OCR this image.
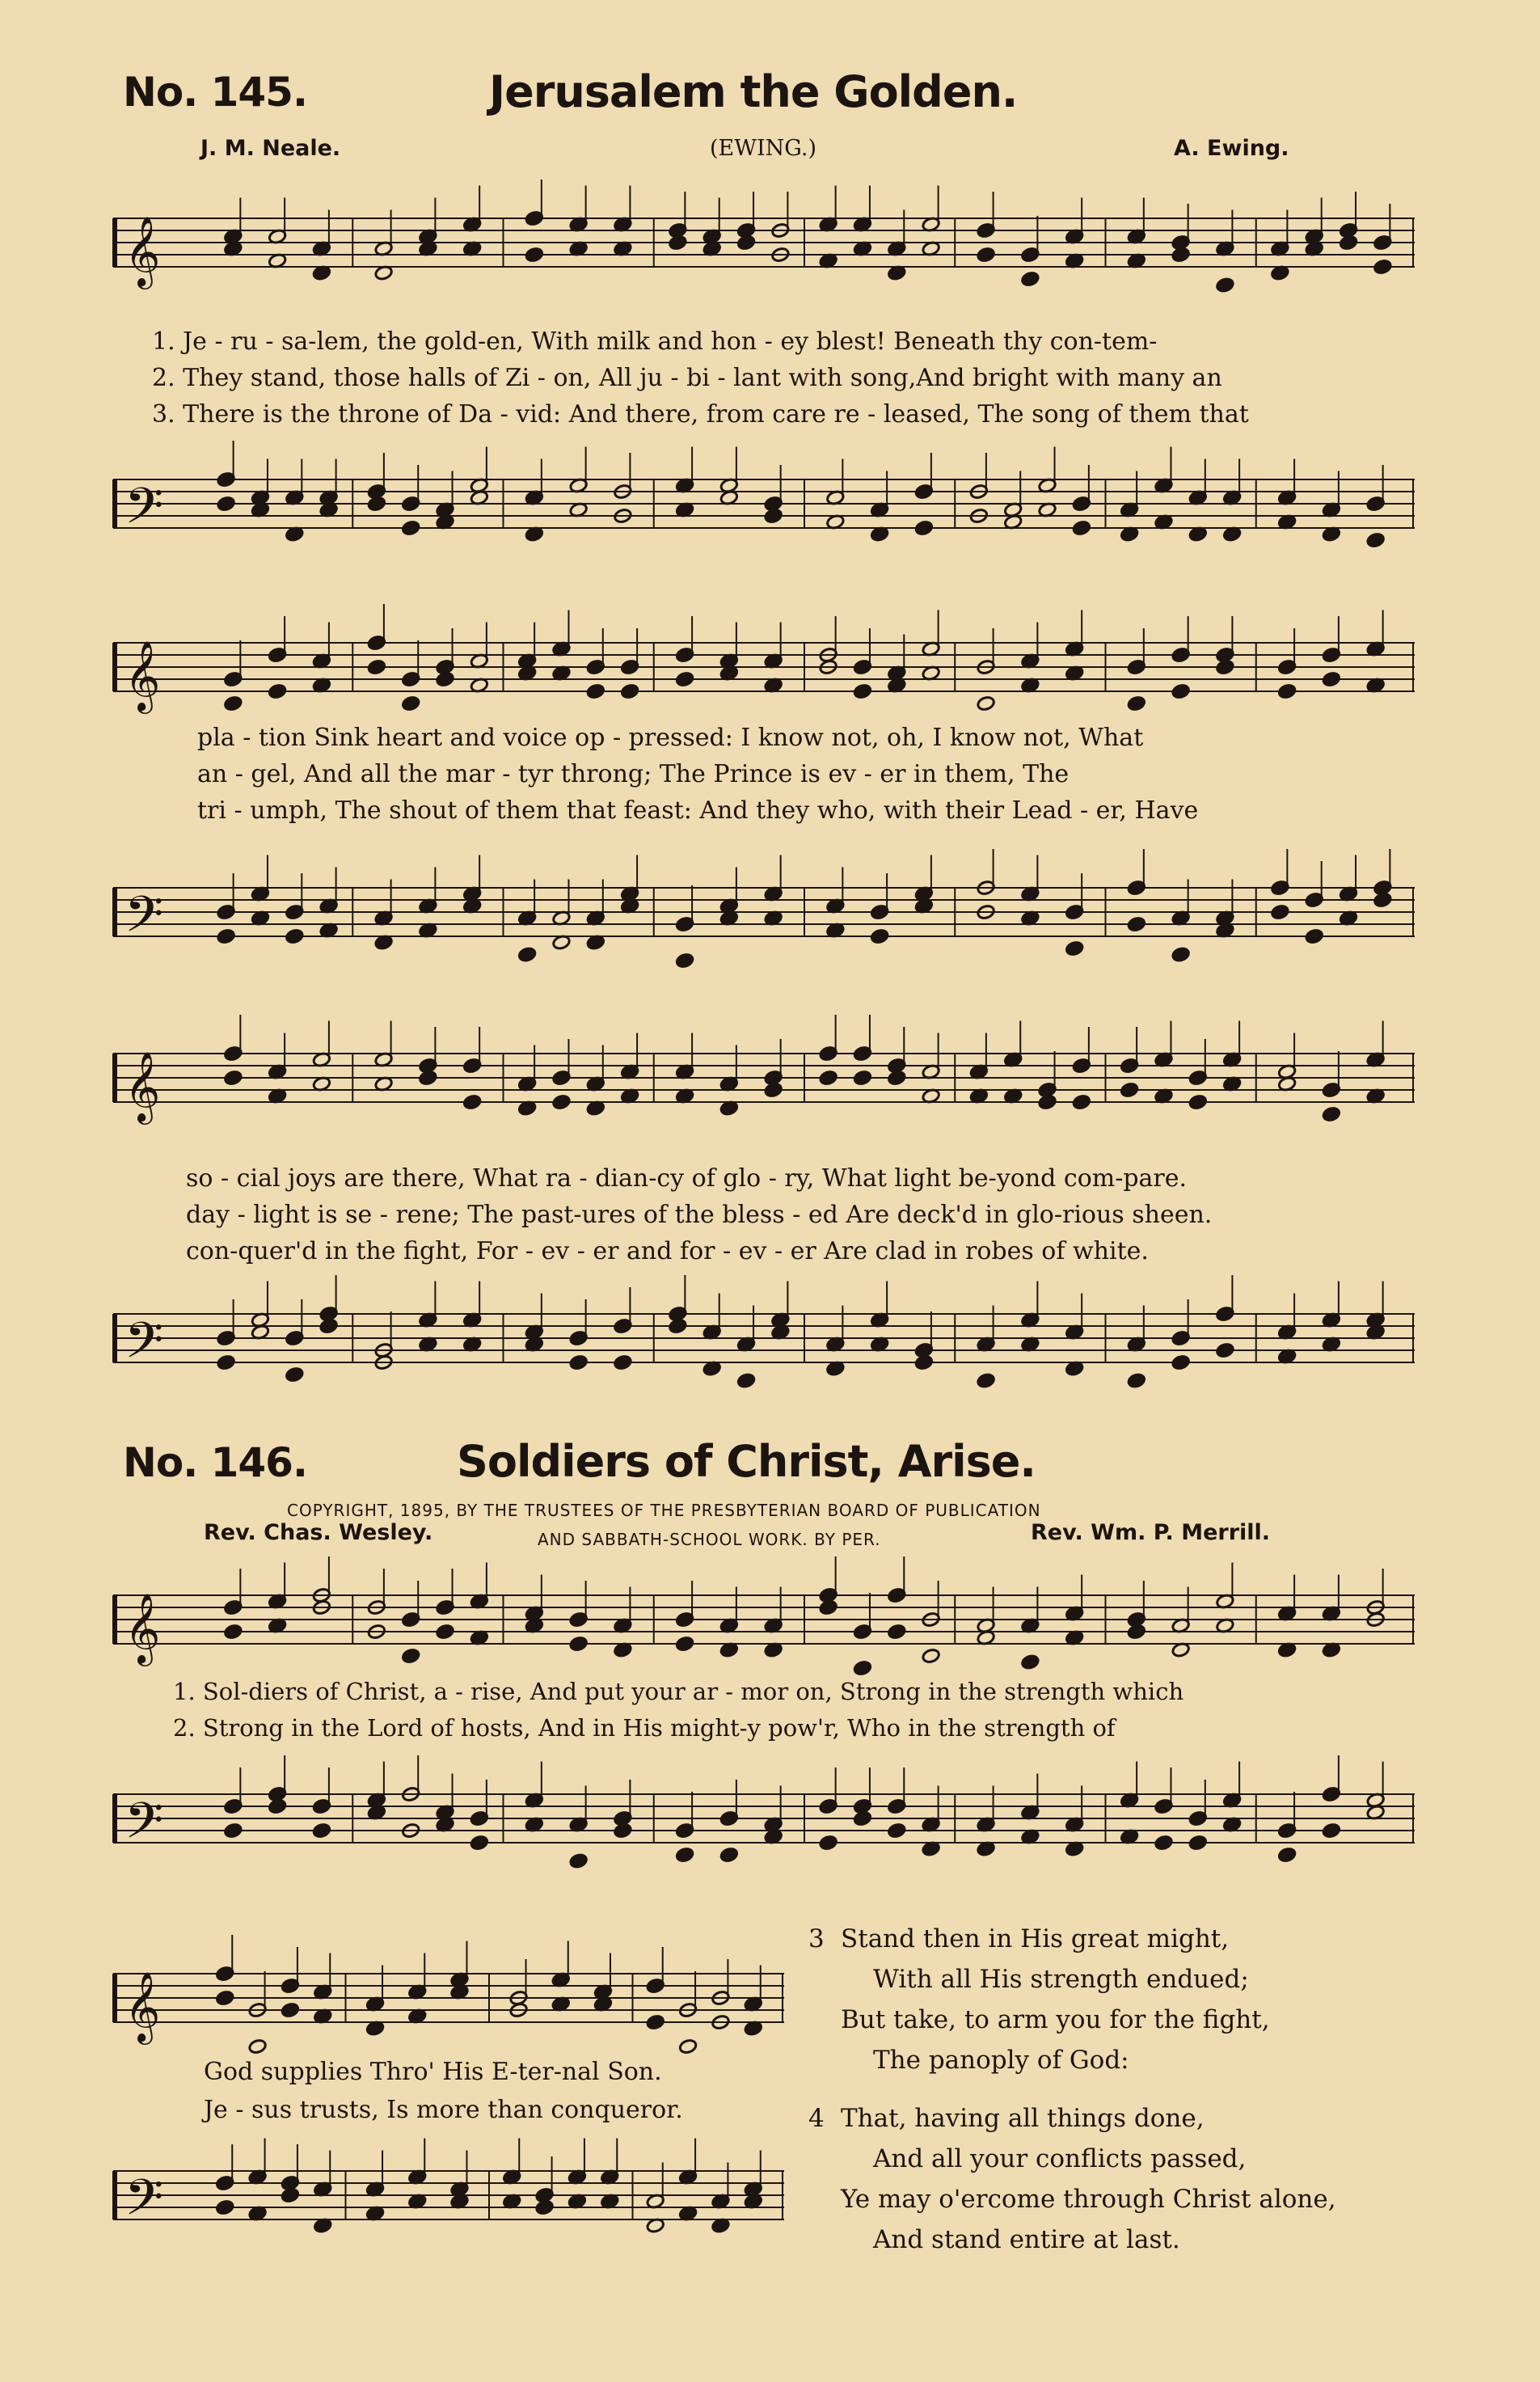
No. 145.	Jerusalem the Golden.
J. M. Neale.	(EWING.)	A. Ewing.
𝄞
1. Je - ru - sa-lem, the gold-en, With milk and hon - ey blest! Beneath thy con-tem-
2. They stand, those halls of Zi - on, All ju - bi - lant with song,And bright with many an
3. There is the throne of Da - vid: And there, from care re - leased, The song of them that
𝄢
𝄞
pla - tion Sink heart and voice op - pressed: I know not, oh, I know not, What
an - gel, And all the mar - tyr throng; The Prince is ev - er in them, The
tri - umph, The shout of them that feast: And they who, with their Lead - er, Have
𝄢
𝄞
so - cial joys are there, What ra - dian-cy of glo - ry, What light be-yond com-pare.
day - light is se - rene; The past-ures of the bless - ed Are deck'd in glo-rious sheen.
con-quer'd in the fight, For - ev - er and for - ev - er Are clad in robes of white.
𝄢
No. 146.	Soldiers of Christ, Arise.
COPYRIGHT, 1895, BY THE TRUSTEES OF THE PRESBYTERIAN BOARD OF PUBLICATION
Rev. Chas. Wesley.	AND SABBATH-SCHOOL WORK. BY PER.	Rev. Wm. P. Merrill.
𝄞
1. Sol-diers of Christ, a - rise, And put your ar - mor on, Strong in the strength which
2. Strong in the Lord of hosts, And in His might-y pow'r, Who in the strength of
𝄢
𝄞
God supplies Thro' His E-ter-nal Son.
Je - sus trusts, Is more than conqueror.
𝄢
3 Stand then in His great might,
With all His strength endued;
But take, to arm you for the fight,
The panoply of God:
4 That, having all things done,
And all your conflicts passed,
Ye may o'ercome through Christ alone,
And stand entire at last.
